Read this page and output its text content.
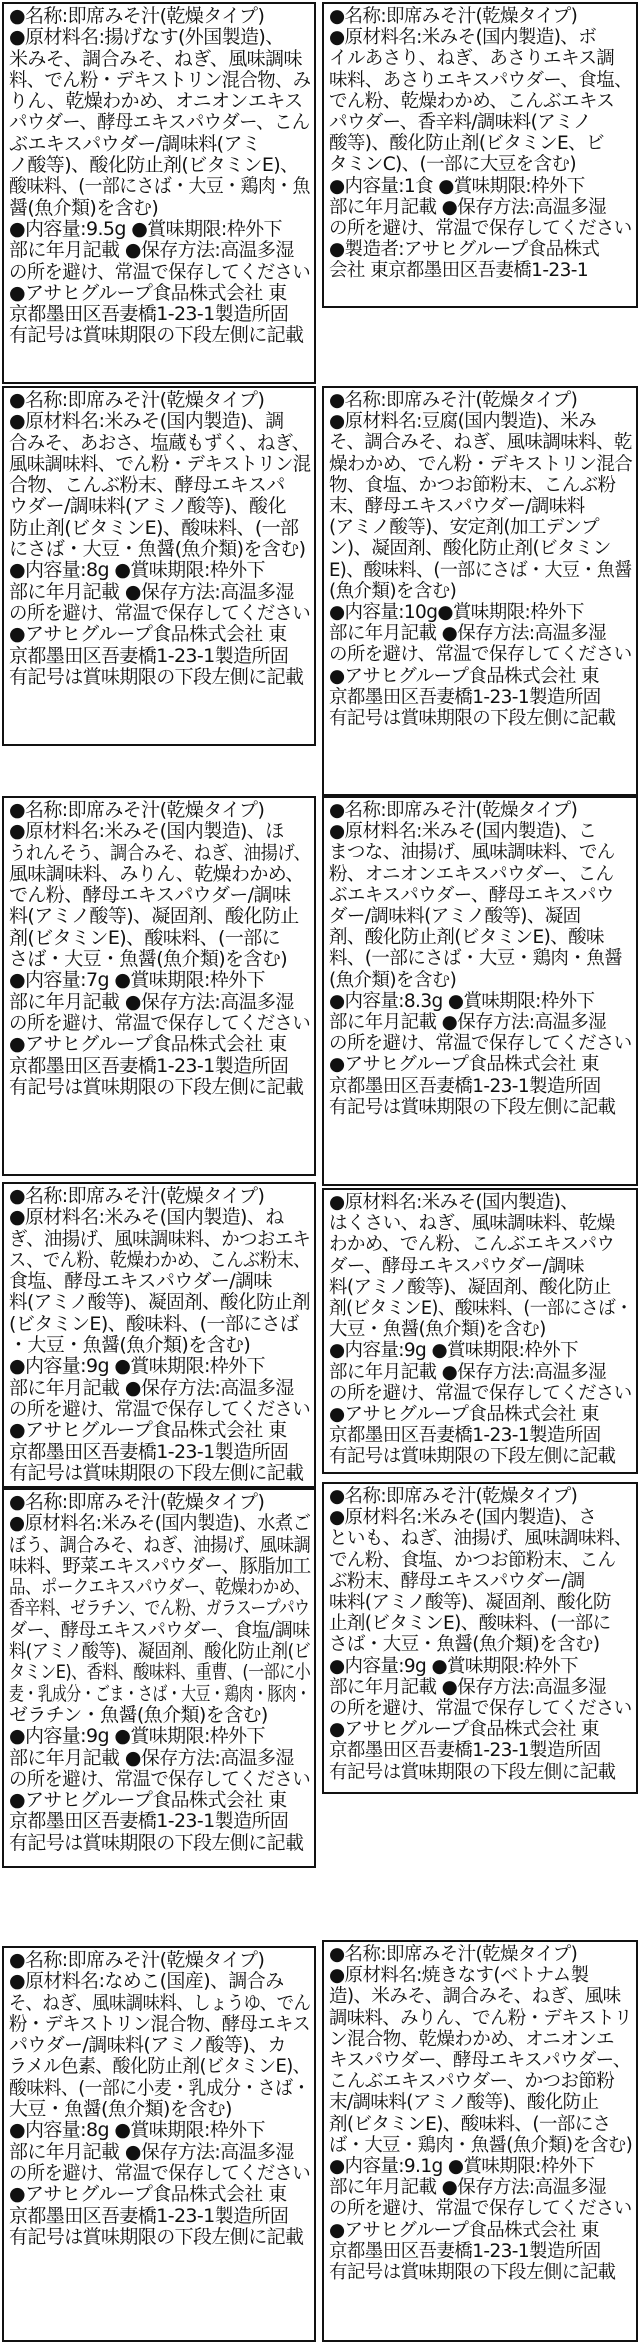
●名称:即席みそ汁(乾燥タイプ)
●原材料名:揚げなす(外国製造)、
米みそ、調合みそ、ねぎ、風味調味
料、でん粉・デキストリン混合物、み
りん、乾燥わかめ、オニオンエキス
パウダー、酵母エキスパウダー、こん
ぶエキスパウダー/調味料(アミ
ノ酸等)、酸化防止剤(ビタミンE)、
酸味料、(一部にさば・大豆・鶏肉・魚
醤(魚介類)を含む)
●内容量:9.5g ●賞味期限:枠外下
部に年月記載 ●保存方法:高温多湿
の所を避け、常温で保存してください
●アサヒグループ食品株式会社 東
京都墨田区吾妻橋1-23-1製造所固
有記号は賞味期限の下段左側に記載
●名称:即席みそ汁(乾燥タイプ)
●原材料名:米みそ(国内製造)、ボ
イルあさり、ねぎ、あさりエキス調
味料、あさりエキスパウダー、食塩、
でん粉、乾燥わかめ、こんぶエキス
パウダー、香辛料/調味料(アミノ
酸等)、酸化防止剤(ビタミンE、ビ
タミンC)、(一部に大豆を含む)
●内容量:1食 ●賞味期限:枠外下
部に年月記載 ●保存方法:高温多湿
の所を避け、常温で保存してください
●製造者:アサヒグループ食品株式
会社 東京都墨田区吾妻橋1-23-1
●名称:即席みそ汁(乾燥タイプ)
●原材料名:米みそ(国内製造)、調
合みそ、あおさ、塩蔵もずく、ねぎ、
風味調味料、でん粉・デキストリン混
合物、こんぶ粉末、酵母エキスパ
ウダー/調味料(アミノ酸等)、酸化
防止剤(ビタミンE)、酸味料、(一部
にさば・大豆・魚醤(魚介類)を含む)
●内容量:8g ●賞味期限:枠外下
部に年月記載 ●保存方法:高温多湿
の所を避け、常温で保存してください
●アサヒグループ食品株式会社 東
京都墨田区吾妻橋1-23-1製造所固
有記号は賞味期限の下段左側に記載
●名称:即席みそ汁(乾燥タイプ)
●原材料名:豆腐(国内製造)、米み
そ、調合みそ、ねぎ、風味調味料、乾
燥わかめ、でん粉・デキストリン混合
物、食塩、かつお節粉末、こんぶ粉
末、酵母エキスパウダー/調味料
(アミノ酸等)、安定剤(加工デンプ
ン)、凝固剤、酸化防止剤(ビタミン
E)、酸味料、(一部にさば・大豆・魚醤
(魚介類)を含む)
●内容量:10g●賞味期限:枠外下
部に年月記載 ●保存方法:高温多湿
の所を避け、常温で保存してください
●アサヒグループ食品株式会社 東
京都墨田区吾妻橋1-23-1製造所固
有記号は賞味期限の下段左側に記載
●名称:即席みそ汁(乾燥タイプ)
●原材料名:米みそ(国内製造)、ほ
うれんそう、調合みそ、ねぎ、油揚げ、
風味調味料、みりん、乾燥わかめ、
でん粉、酵母エキスパウダー/調味
料(アミノ酸等)、凝固剤、酸化防止
剤(ビタミンE)、酸味料、(一部に
さば・大豆・魚醤(魚介類)を含む)
●内容量:7g ●賞味期限:枠外下
部に年月記載 ●保存方法:高温多湿
の所を避け、常温で保存してください
●アサヒグループ食品株式会社 東
京都墨田区吾妻橋1-23-1製造所固
有記号は賞味期限の下段左側に記載
●名称:即席みそ汁(乾燥タイプ)
●原材料名:米みそ(国内製造)、こ
まつな、油揚げ、風味調味料、でん
粉、オニオンエキスパウダー、こん
ぶエキスパウダー、酵母エキスパウ
ダー/調味料(アミノ酸等)、凝固
剤、酸化防止剤(ビタミンE)、酸味
料、(一部にさば・大豆・鶏肉・魚醤
(魚介類)を含む)
●内容量:8.3g ●賞味期限:枠外下
部に年月記載 ●保存方法:高温多湿
の所を避け、常温で保存してください
●アサヒグループ食品株式会社 東
京都墨田区吾妻橋1-23-1製造所固
有記号は賞味期限の下段左側に記載
●名称:即席みそ汁(乾燥タイプ)
●原材料名:米みそ(国内製造)、ね
ぎ、油揚げ、風味調味料、かつおエキ
ス、でん粉、乾燥わかめ、こんぶ粉末、
食塩、酵母エキスパウダー/調味
料(アミノ酸等)、凝固剤、酸化防止剤
(ビタミンE)、酸味料、(一部にさば
・大豆・魚醤(魚介類)を含む)
●内容量:9g ●賞味期限:枠外下
部に年月記載 ●保存方法:高温多湿
の所を避け、常温で保存してください
●アサヒグループ食品株式会社 東
京都墨田区吾妻橋1-23-1製造所固
有記号は賞味期限の下段左側に記載
●原材料名:米みそ(国内製造)、
はくさい、ねぎ、風味調味料、乾燥
わかめ、でん粉、こんぶエキスパウ
ダー、酵母エキスパウダー/調味
料(アミノ酸等)、凝固剤、酸化防止
剤(ビタミンE)、酸味料、(一部にさば・
大豆・魚醤(魚介類)を含む)
●内容量:9g ●賞味期限:枠外下
部に年月記載 ●保存方法:高温多湿
の所を避け、常温で保存してください
●アサヒグループ食品株式会社 東
京都墨田区吾妻橋1-23-1製造所固
有記号は賞味期限の下段左側に記載
●名称:即席みそ汁(乾燥タイプ)
●原材料名:米みそ(国内製造)、水煮ご
ぼう、調合みそ、ねぎ、油揚げ、風味調
味料、野菜エキスパウダー、豚脂加工
品、ポークエキスパウダー、乾燥わかめ、
香辛料、ゼラチン、でん粉、ガラスープパウ
ダー、酵母エキスパウダー、食塩/調味
料(アミノ酸等)、凝固剤、酸化防止剤(ビ
タミンE)、香料、酸味料、重曹、(一部に小
麦・乳成分・ごま・さば・大豆・鶏肉・豚肉・
ゼラチン・魚醤(魚介類)を含む)
●内容量:9g ●賞味期限:枠外下
部に年月記載 ●保存方法:高温多湿
の所を避け、常温で保存してください
●アサヒグループ食品株式会社 東
京都墨田区吾妻橋1-23-1製造所固
有記号は賞味期限の下段左側に記載
●名称:即席みそ汁(乾燥タイプ)
●原材料名:米みそ(国内製造)、さ
といも、ねぎ、油揚げ、風味調味料、
でん粉、食塩、かつお節粉末、こん
ぶ粉末、酵母エキスパウダー/調
味料(アミノ酸等)、凝固剤、酸化防
止剤(ビタミンE)、酸味料、(一部に
さば・大豆・魚醤(魚介類)を含む)
●内容量:9g ●賞味期限:枠外下
部に年月記載 ●保存方法:高温多湿
の所を避け、常温で保存してください
●アサヒグループ食品株式会社 東
京都墨田区吾妻橋1-23-1製造所固
有記号は賞味期限の下段左側に記載
●名称:即席みそ汁(乾燥タイプ)
●原材料名:なめこ(国産)、調合み
そ、ねぎ、風味調味料、しょうゆ、でん
粉・デキストリン混合物、酵母エキス
パウダー/調味料(アミノ酸等)、カ
ラメル色素、酸化防止剤(ビタミンE)、
酸味料、(一部に小麦・乳成分・さば・
大豆・魚醤(魚介類)を含む)
●内容量:8g ●賞味期限:枠外下
部に年月記載 ●保存方法:高温多湿
の所を避け、常温で保存してください
●アサヒグループ食品株式会社 東
京都墨田区吾妻橋1-23-1製造所固
有記号は賞味期限の下段左側に記載
●名称:即席みそ汁(乾燥タイプ)
●原材料名:焼きなす(ベトナム製
造)、米みそ、調合みそ、ねぎ、風味
調味料、みりん、でん粉・デキストリ
ン混合物、乾燥わかめ、オニオンエ
キスパウダー、酵母エキスパウダー、
こんぶエキスパウダー、かつお節粉
末/調味料(アミノ酸等)、酸化防止
剤(ビタミンE)、酸味料、(一部にさ
ば・大豆・鶏肉・魚醤(魚介類)を含む)
●内容量:9.1g ●賞味期限:枠外下
部に年月記載 ●保存方法:高温多湿
の所を避け、常温で保存してください
●アサヒグループ食品株式会社 東
京都墨田区吾妻橋1-23-1製造所固
有記号は賞味期限の下段左側に記載
